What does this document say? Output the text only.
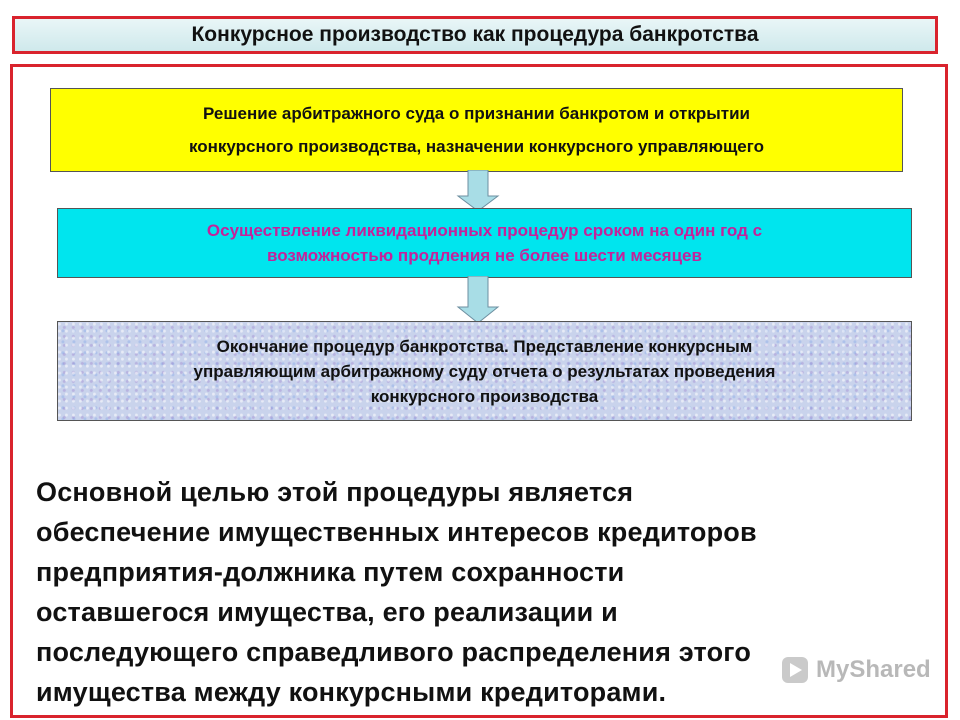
Конкурсное производство как процедура банкротства
Решение арбитражного суда о признании банкротом и открытии
конкурсного производства, назначении конкурсного управляющего
Осуществление ликвидационных процедур сроком на один год с
возможностью продления не более шести месяцев
Окончание процедур банкротства. Представление конкурсным
управляющим арбитражному суду отчета о результатах проведения
конкурсного производства
Основной целью этой процедуры является
обеспечение имущественных интересов кредиторов
предприятия-должника путем сохранности
оставшегося имущества, его реализации и
последующего справедливого распределения этого
имущества между конкурсными кредиторами.
MyShared
